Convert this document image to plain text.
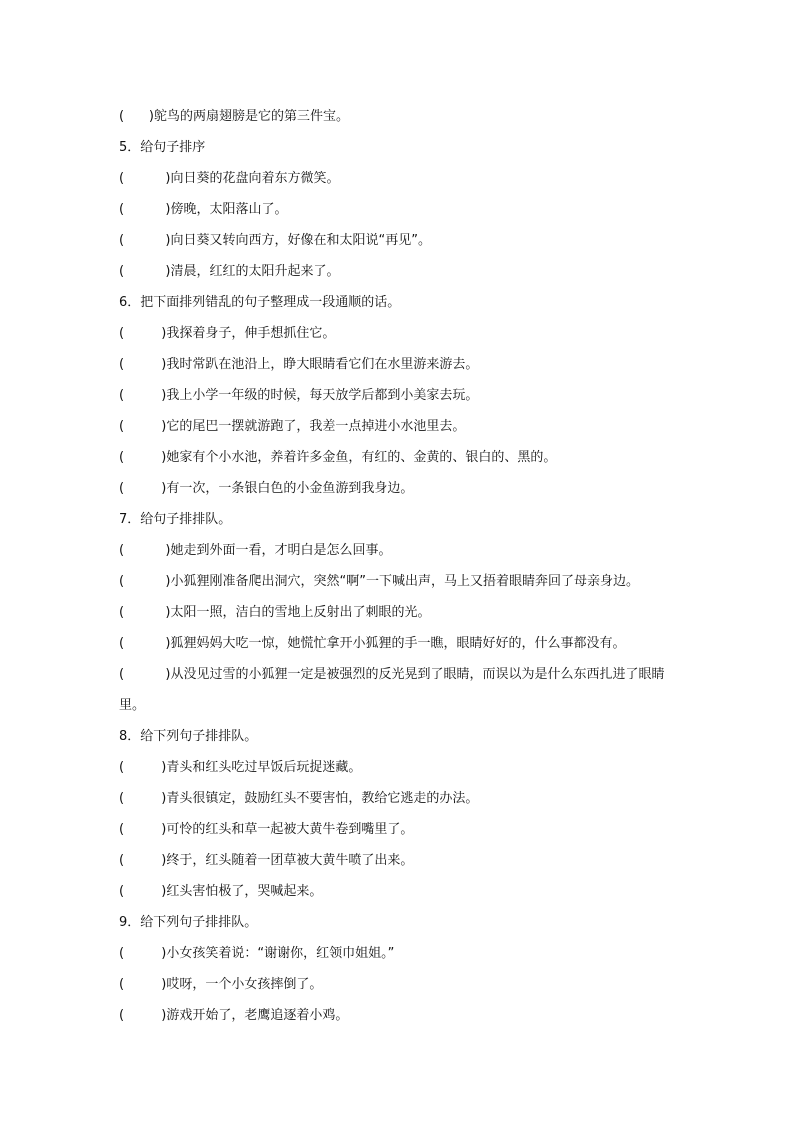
(      )鸵鸟的两扇翅膀是它的第三件宝。
5．给句子排序
(          )向日葵的花盘向着东方微笑。
(          )傍晚，太阳落山了。
(          )向日葵又转向西方，好像在和太阳说“再见”。
(          )清晨，红红的太阳升起来了。
6．把下面排列错乱的句子整理成一段通顺的话。
(         )我探着身子，伸手想抓住它。
(         )我时常趴在池沿上，睁大眼睛看它们在水里游来游去。
(         )我上小学一年级的时候，每天放学后都到小美家去玩。
(         )它的尾巴一摆就游跑了，我差一点掉进小水池里去。
(         )她家有个小水池，养着许多金鱼，有红的、金黄的、银白的、黑的。
(         )有一次，一条银白色的小金鱼游到我身边。
7．给句子排排队。
(          )她走到外面一看，才明白是怎么回事。
(          )小狐狸刚准备爬出洞穴，突然“啊”一下喊出声，马上又捂着眼睛奔回了母亲身边。
(          )太阳一照，洁白的雪地上反射出了刺眼的光。
(          )狐狸妈妈大吃一惊，她慌忙拿开小狐狸的手一瞧，眼睛好好的，什么事都没有。
(          )从没见过雪的小狐狸一定是被强烈的反光晃到了眼睛，而误以为是什么东西扎进了眼睛里。
8．给下列句子排排队。
(         )青头和红头吃过早饭后玩捉迷藏。
(         )青头很镇定，鼓励红头不要害怕，教给它逃走的办法。
(         )可怜的红头和草一起被大黄牛卷到嘴里了。
(         )终于，红头随着一团草被大黄牛喷了出来。
(         )红头害怕极了，哭喊起来。
9．给下列句子排排队。
(         )小女孩笑着说：“谢谢你，红领巾姐姐。”
(         )哎呀，一个小女孩摔倒了。
(         )游戏开始了，老鹰追逐着小鸡。
